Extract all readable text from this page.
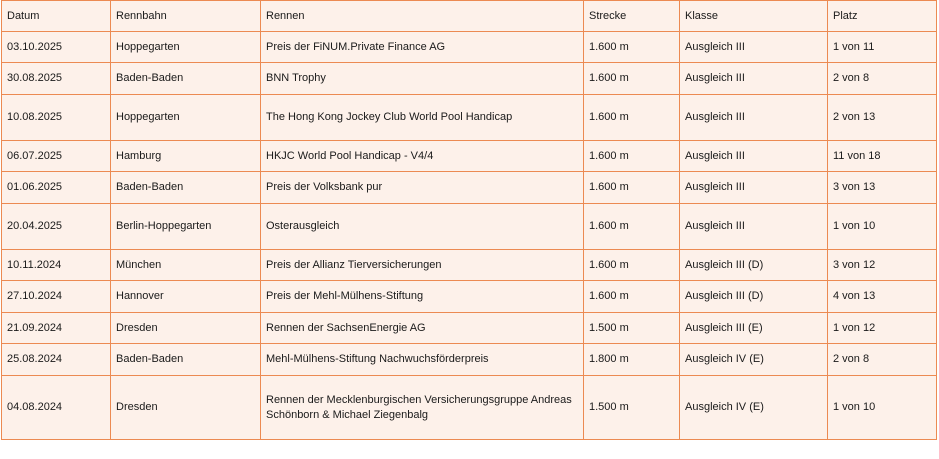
Datum	Rennbahn	Rennen	Strecke	Klasse	Platz
03.10.2025	Hoppegarten	Preis der FiNUM.Private Finance AG	1.600 m	Ausgleich III	1 von 11
30.08.2025	Baden-Baden	BNN Trophy	1.600 m	Ausgleich III	2 von 8
10.08.2025	Hoppegarten	The Hong Kong Jockey Club World Pool Handicap	1.600 m	Ausgleich III	2 von 13
06.07.2025	Hamburg	HKJC World Pool Handicap - V4/4	1.600 m	Ausgleich III	11 von 18
01.06.2025	Baden-Baden	Preis der Volksbank pur	1.600 m	Ausgleich III	3 von 13
20.04.2025	Berlin-Hoppegarten	Osterausgleich	1.600 m	Ausgleich III	1 von 10
10.11.2024	München	Preis der Allianz Tierversicherungen	1.600 m	Ausgleich III (D)	3 von 12
27.10.2024	Hannover	Preis der Mehl-Mülhens-Stiftung	1.600 m	Ausgleich III (D)	4 von 13
21.09.2024	Dresden	Rennen der SachsenEnergie AG	1.500 m	Ausgleich III (E)	1 von 12
25.08.2024	Baden-Baden	Mehl-Mülhens-Stiftung Nachwuchsförderpreis	1.800 m	Ausgleich IV (E)	2 von 8
04.08.2024	Dresden	Rennen der Mecklenburgischen Versicherungsgruppe Andreas Schönborn & Michael Ziegenbalg	1.500 m	Ausgleich IV (E)	1 von 10
